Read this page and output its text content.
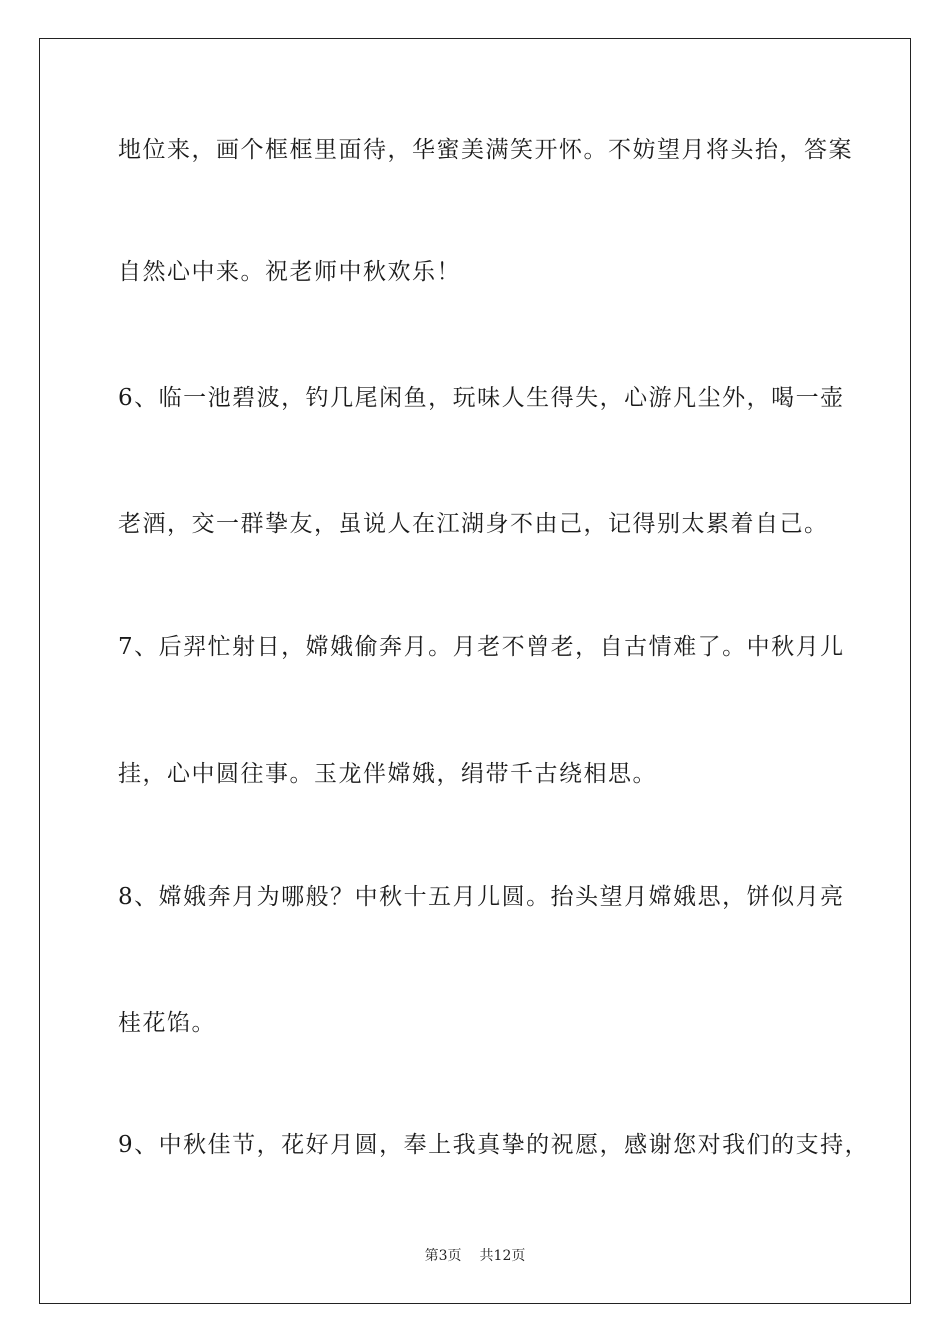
地位来，画个框框里面待，华蜜美满笑开怀。不妨望月将头抬，答案
自然心中来。祝老师中秋欢乐！
6、临一池碧波，钓几尾闲鱼，玩味人生得失，心游凡尘外，喝一壶
老酒，交一群挚友，虽说人在江湖身不由己，记得别太累着自己。
7、后羿忙射日，嫦娥偷奔月。月老不曾老，自古情难了。中秋月儿
挂，心中圆往事。玉龙伴嫦娥，绢带千古绕相思。
8、嫦娥奔月为哪般？中秋十五月儿圆。抬头望月嫦娥思，饼似月亮
桂花馅。
9、中秋佳节，花好月圆，奉上我真挚的祝愿，感谢您对我们的支持，
第3页 共12页
